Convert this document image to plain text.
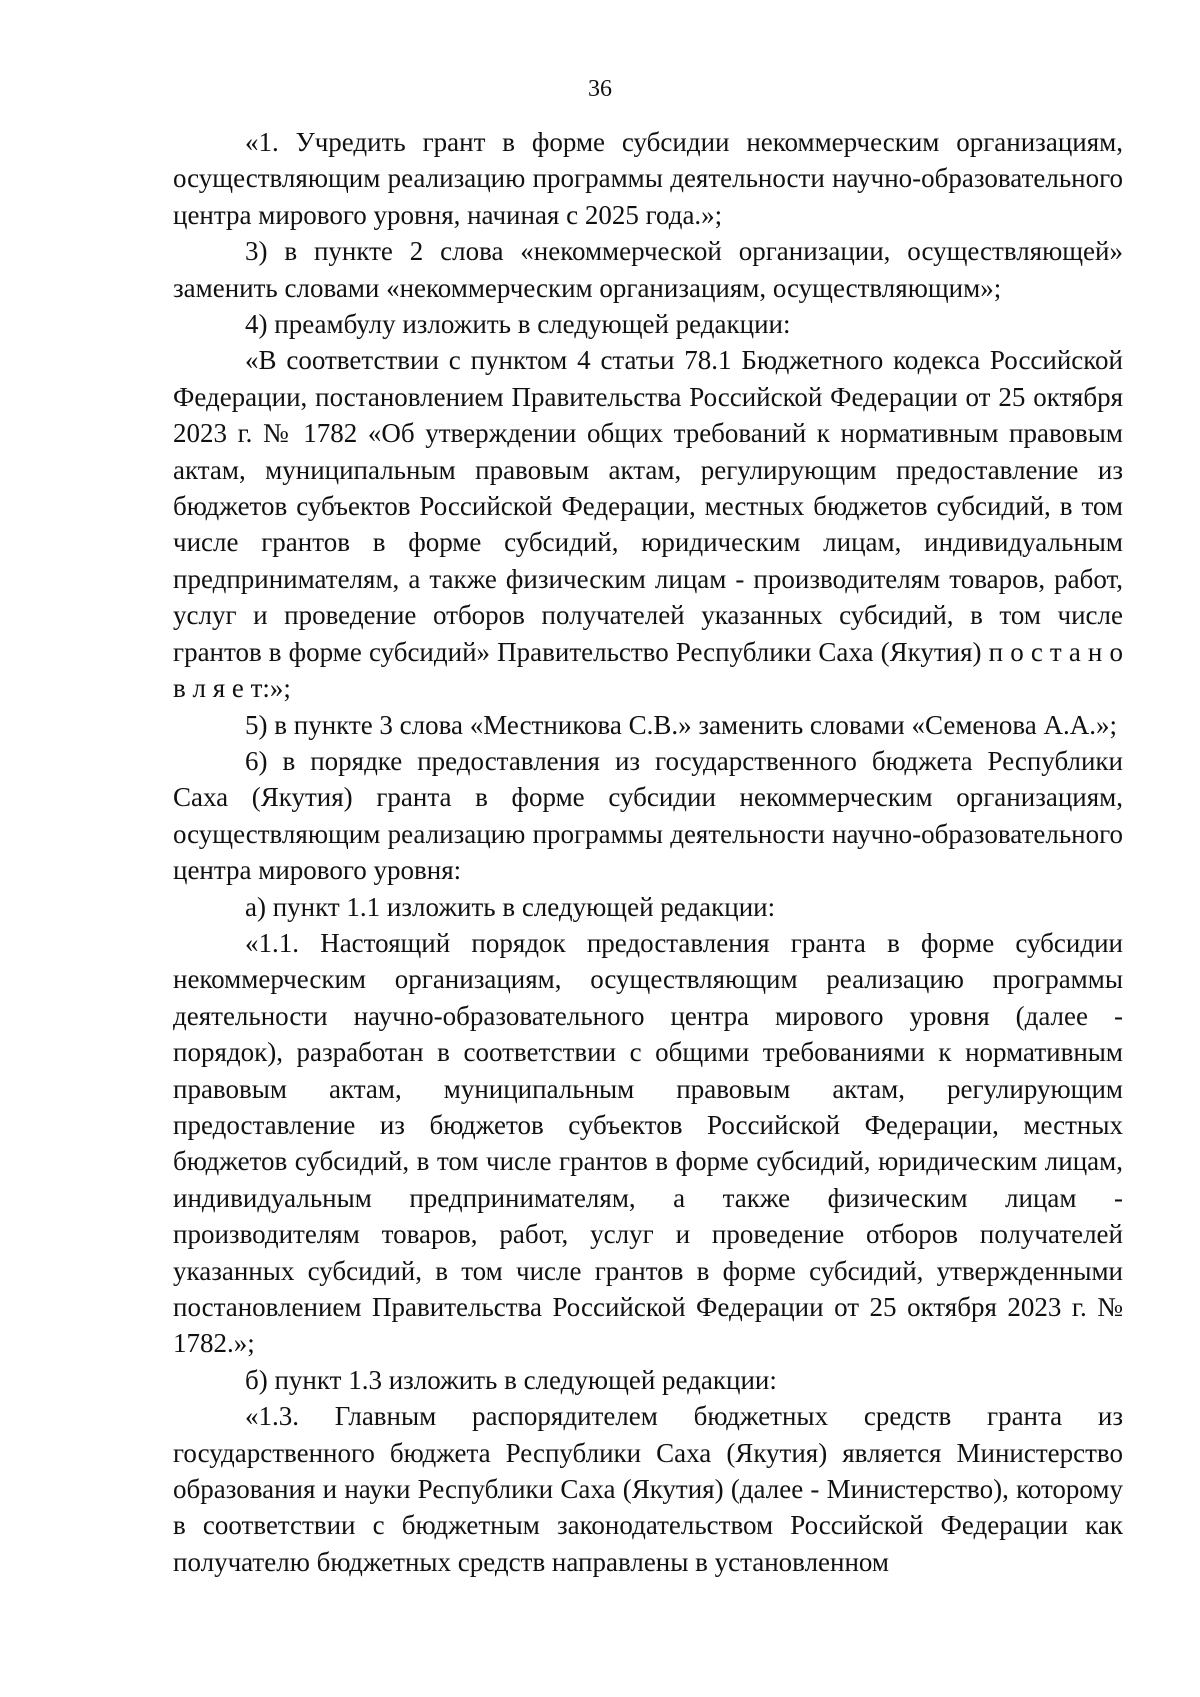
36

«1. Учредить грант в форме субсидии некоммерческим организациям, осуществляющим реализацию программы деятельности научно-образовательного центра мирового уровня, начиная с 2025 года.»;

3) в пункте 2 слова «некоммерческой организации, осуществляющей» заменить словами «некоммерческим организациям, осуществляющим»;

4) преамбулу изложить в следующей редакции:

«В соответствии с пунктом 4 статьи 78.1 Бюджетного кодекса Российской Федерации, постановлением Правительства Российской Федерации от 25 октября 2023 г. № 1782 «Об утверждении общих требований к нормативным правовым актам, муниципальным правовым актам, регулирующим предоставление из бюджетов субъектов Российской Федерации, местных бюджетов субсидий, в том числе грантов в форме субсидий, юридическим лицам, индивидуальным предпринимателям, а также физическим лицам - производителям товаров, работ, услуг и проведение отборов получателей указанных субсидий, в том числе грантов в форме субсидий» Правительство Республики Саха (Якутия) п о с т а н о в л я е т:»;

5) в пункте 3 слова «Местникова С.В.» заменить словами «Семенова А.А.»;

6) в порядке предоставления из государственного бюджета Республики Саха (Якутия) гранта в форме субсидии некоммерческим организациям, осуществляющим реализацию программы деятельности научно-образовательного центра мирового уровня:

а) пункт 1.1 изложить в следующей редакции:

«1.1. Настоящий порядок предоставления гранта в форме субсидии некоммерческим организациям, осуществляющим реализацию программы деятельности научно-образовательного центра мирового уровня (далее - порядок), разработан в соответствии с общими требованиями к нормативным правовым актам, муниципальным правовым актам, регулирующим предоставление из бюджетов субъектов Российской Федерации, местных бюджетов субсидий, в том числе грантов в форме субсидий, юридическим лицам, индивидуальным предпринимателям, а также физическим лицам - производителям товаров, работ, услуг и проведение отборов получателей указанных субсидий, в том числе грантов в форме субсидий, утвержденными постановлением Правительства Российской Федерации от 25 октября 2023 г. № 1782.»;

б) пункт 1.3 изложить в следующей редакции:

«1.3. Главным распорядителем бюджетных средств гранта из государственного бюджета Республики Саха (Якутия) является Министерство образования и науки Республики Саха (Якутия) (далее - Министерство), которому в соответствии с бюджетным законодательством Российской Федерации как получателю бюджетных средств направлены в установленном
